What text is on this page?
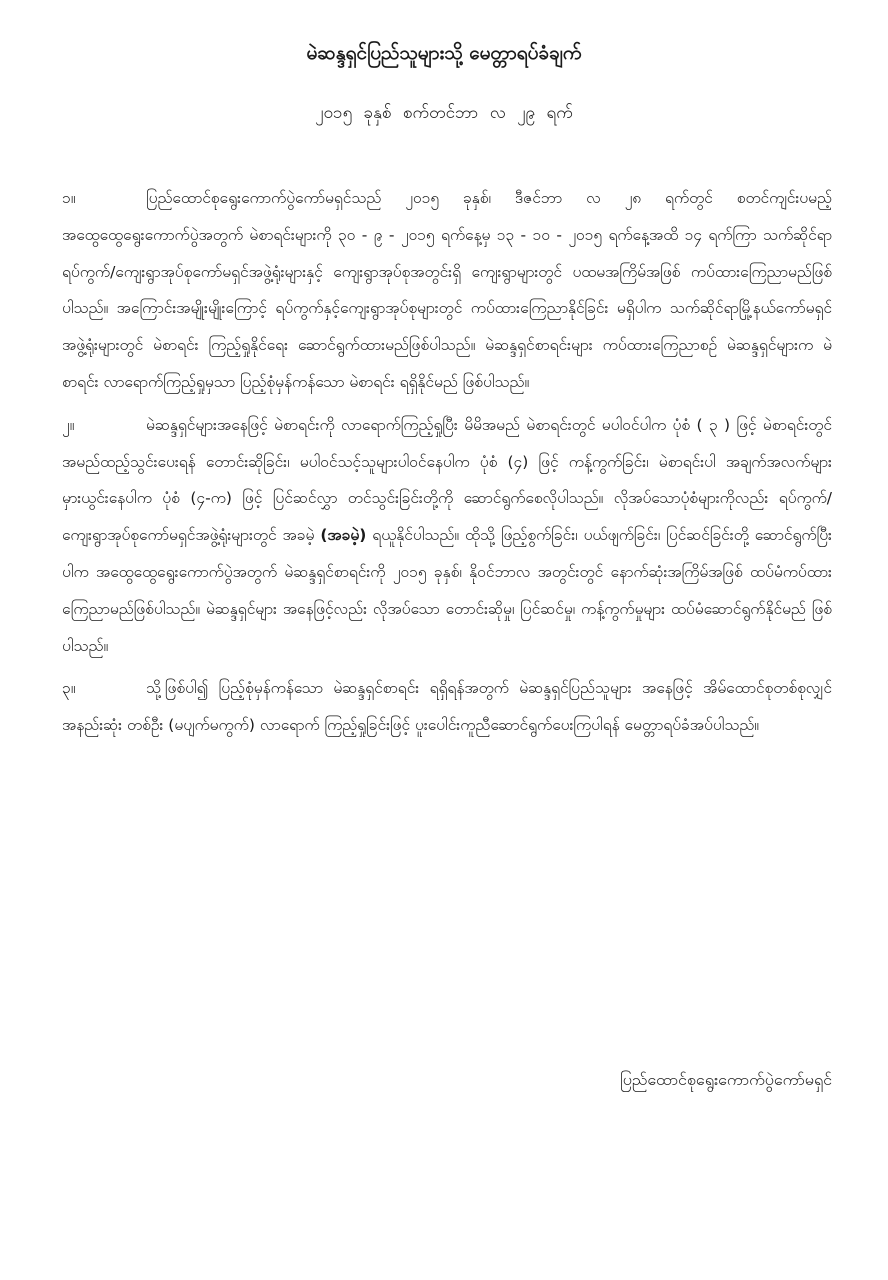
မဲဆန္ဒရှင်ပြည်သူများသို့ မေတ္တာရပ်ခံချက်
၂၀၁၅ ခုနှစ် စက်တင်ဘာ လ ၂၉ ရက်

၁။	ပြည်ထောင်စုရွေးကောက်ပွဲကော်မရှင်သည် ၂၀၁၅ ခုနှစ်၊ ဒီဇင်ဘာ လ ၂၈ ရက်တွင် စတင်ကျင်းပမည့် အထွေထွေရွေးကောက်ပွဲအတွက် မဲစာရင်းများကို ၃၀ - ၉ - ၂၀၁၅ ရက်နေ့မှ ၁၃ - ၁၀ - ၂၀၁၅ ရက်နေ့အထိ ၁၄ ရက်ကြာ သက်ဆိုင်ရာ ရပ်ကွက်/ကျေးရွာအုပ်စုကော်မရှင်အဖွဲ့ရုံးများနှင့် ကျေးရွာအုပ်စုအတွင်းရှိ ကျေးရွာများတွင် ပထမအကြိမ်အဖြစ် ကပ်ထားကြေညာမည်ဖြစ်ပါသည်။ အကြောင်းအမျိုးမျိုးကြောင့် ရပ်ကွက်နှင့်ကျေးရွာအုပ်စုများတွင် ကပ်ထားကြေညာနိုင်ခြင်း မရှိပါက သက်ဆိုင်ရာမြို့နယ်ကော်မရှင်အဖွဲ့ရုံးများတွင် မဲစာရင်း ကြည့်ရှုနိုင်ရေး ဆောင်ရွက်ထားမည်ဖြစ်ပါသည်။ မဲဆန္ဒရှင်စာရင်းများ ကပ်ထားကြေညာစဉ် မဲဆန္ဒရှင်များက မဲစာရင်း လာရောက်ကြည့်ရှုမှသာ ပြည့်စုံမှန်ကန်သော မဲစာရင်း ရရှိနိုင်မည် ဖြစ်ပါသည်။

၂။	မဲဆန္ဒရှင်များအနေဖြင့် မဲစာရင်းကို လာရောက်ကြည့်ရှုပြီး မိမိအမည် မဲစာရင်းတွင် မပါဝင်ပါက ပုံစံ ( ၃ ) ဖြင့် မဲစာရင်းတွင် အမည်ထည့်သွင်းပေးရန် တောင်းဆိုခြင်း၊ မပါဝင်သင့်သူများပါဝင်နေပါက ပုံစံ (၄) ဖြင့် ကန့်ကွက်ခြင်း၊ မဲစာရင်းပါ အချက်အလက်များ မှားယွင်းနေပါက ပုံစံ (၄-က) ဖြင့် ပြင်ဆင်လွှာ တင်သွင်းခြင်းတို့ကို ဆောင်ရွက်စေလိုပါသည်။ လိုအပ်သောပုံစံများကိုလည်း ရပ်ကွက်/ကျေးရွာအုပ်စုကော်မရှင်အဖွဲ့ရုံးများတွင် အခမဲ့ (အခမဲ့) ရယူနိုင်ပါသည်။ ထိုသို့ ဖြည့်စွက်ခြင်း၊ ပယ်ဖျက်ခြင်း၊ ပြင်ဆင်ခြင်းတို့ ဆောင်ရွက်ပြီးပါက အထွေထွေရွေးကောက်ပွဲအတွက် မဲဆန္ဒရှင်စာရင်းကို ၂၀၁၅ ခုနှစ်၊ နိုဝင်ဘာလ အတွင်းတွင် နောက်ဆုံးအကြိမ်အဖြစ် ထပ်မံကပ်ထားကြေညာမည်ဖြစ်ပါသည်။ မဲဆန္ဒရှင်များ အနေဖြင့်လည်း လိုအပ်သော တောင်းဆိုမှု၊ ပြင်ဆင်မှု၊ ကန့်ကွက်မှုများ ထပ်မံဆောင်ရွက်နိုင်မည် ဖြစ်ပါသည်။

၃။	သို့ဖြစ်ပါ၍ ပြည့်စုံမှန်ကန်သော မဲဆန္ဒရှင်စာရင်း ရရှိရန်အတွက် မဲဆန္ဒရှင်ပြည်သူများ အနေဖြင့် အိမ်ထောင်စုတစ်စုလျှင် အနည်းဆုံး တစ်ဦး (မပျက်မကွက်) လာရောက် ကြည့်ရှုခြင်းဖြင့် ပူးပေါင်းကူညီဆောင်ရွက်ပေးကြပါရန် မေတ္တာရပ်ခံအပ်ပါသည်။

ပြည်ထောင်စုရွေးကောက်ပွဲကော်မရှင်
